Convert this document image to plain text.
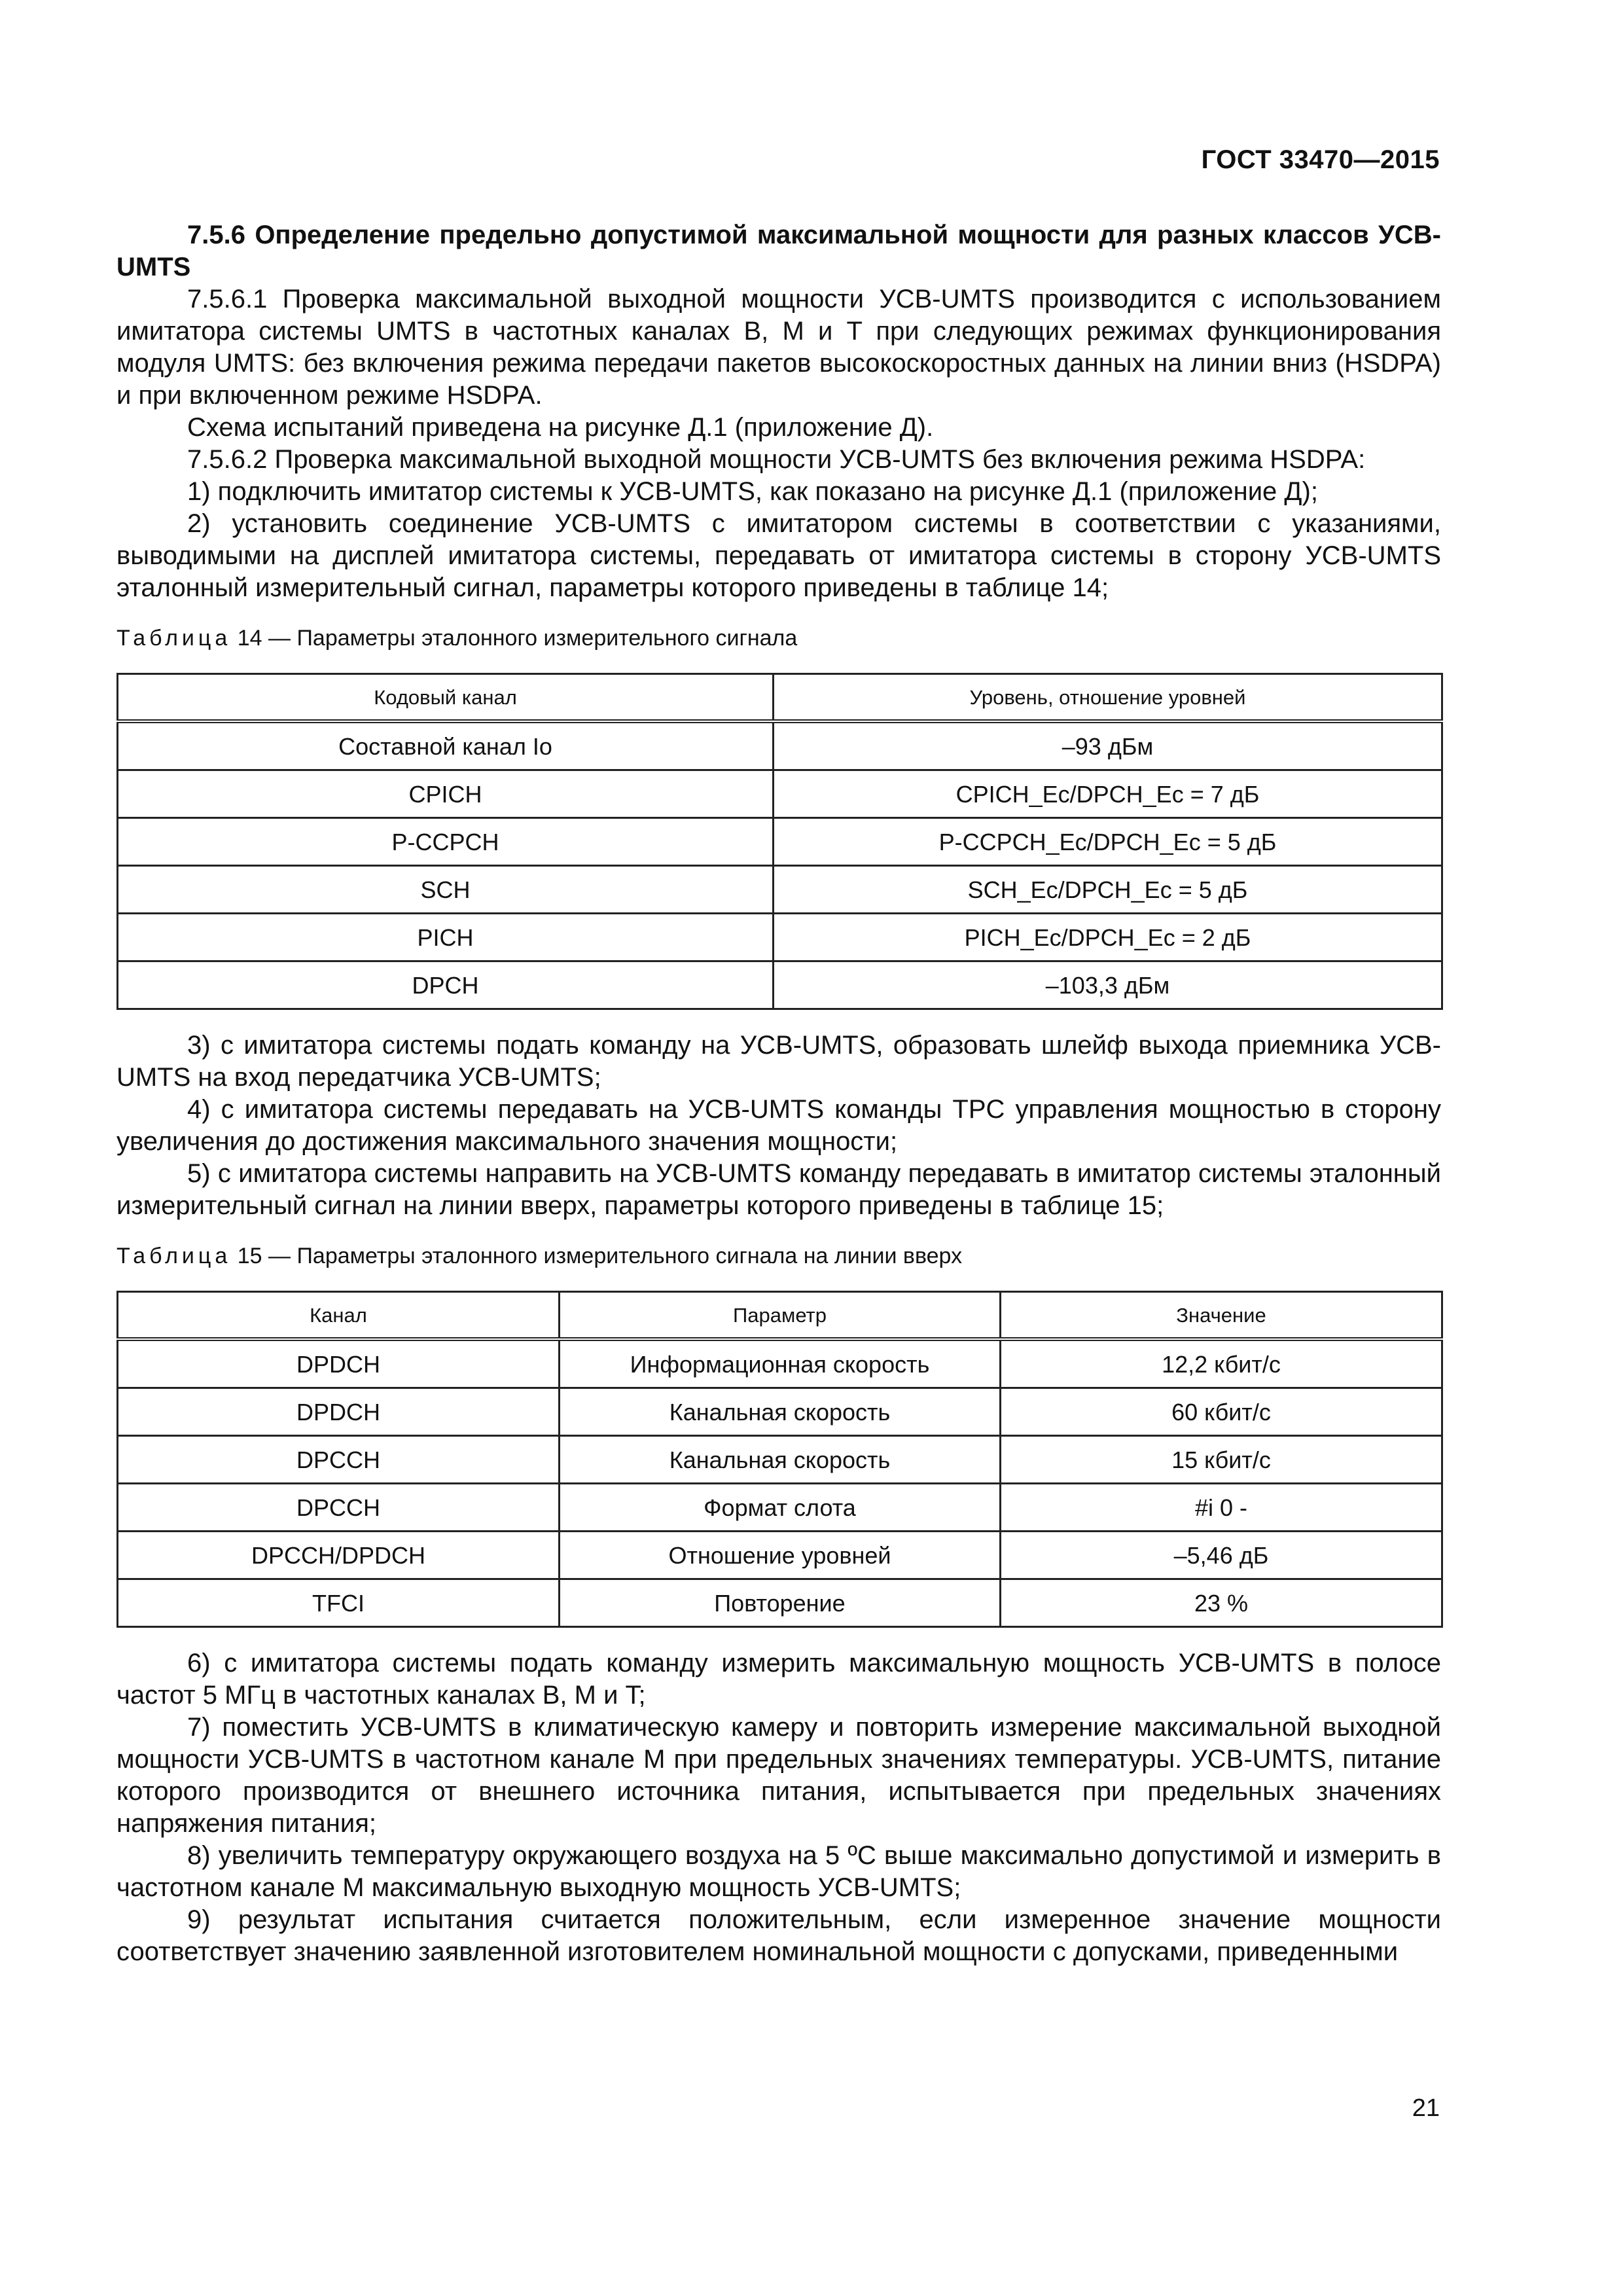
ГОСТ 33470—2015

7.5.6 Определение предельно допустимой максимальной мощности для разных классов УСВ-UMTS

7.5.6.1 Проверка максимальной выходной мощности УСВ-UMTS производится с использованием имитатора системы UMTS в частотных каналах B, M и T при следующих режимах функционирования модуля UMTS: без включения режима передачи пакетов высокоскоростных данных на линии вниз (HSDPA) и при включенном режиме HSDPA.

Схема испытаний приведена на рисунке Д.1 (приложение Д).

7.5.6.2 Проверка максимальной выходной мощности УСВ-UMTS без включения режима HSDPA:

1) подключить имитатор системы к УСВ-UMTS, как показано на рисунке Д.1 (приложение Д);

2) установить соединение УСВ-UMTS с имитатором системы в соответствии с указаниями, выводимыми на дисплей имитатора системы, передавать от имитатора системы в сторону УСВ-UMTS эталонный измерительный сигнал, параметры которого приведены в таблице 14;

Таблица 14 — Параметры эталонного измерительного сигнала
Кодовый канал	Уровень, отношение уровней
Составной канал Io	–93 дБм
CPICH	CPICH_Ec/DPCH_Ec = 7 дБ
P-CCPCH	P-CCPCH_Ec/DPCH_Ec = 5 дБ
SCH	SCH_Ec/DPCH_Ec = 5 дБ
PICH	PICH_Ec/DPCH_Ec = 2 дБ
DPCH	–103,3 дБм

3) с имитатора системы подать команду на УСВ-UMTS, образовать шлейф выхода приемника УСВ-UMTS на вход передатчика УСВ-UMTS;

4) с имитатора системы передавать на УСВ-UMTS команды TPC управления мощностью в сторону увеличения до достижения максимального значения мощности;

5) с имитатора системы направить на УСВ-UMTS команду передавать в имитатор системы эталонный измерительный сигнал на линии вверх, параметры которого приведены в таблице 15;

Таблица 15 — Параметры эталонного измерительного сигнала на линии вверх
Канал	Параметр	Значение
DPDCH	Информационная скорость	12,2 кбит/с
DPDCH	Канальная скорость	60 кбит/с
DPCCH	Канальная скорость	15 кбит/с
DPCCH	Формат слота	#i 0 -
DPCCH/DPDCH	Отношение уровней	–5,46 дБ
TFCI	Повторение	23 %

6) с имитатора системы подать команду измерить максимальную мощность УСВ-UMTS в полосе частот 5 МГц в частотных каналах B, M и T;

7) поместить УСВ-UMTS в климатическую камеру и повторить измерение максимальной выходной мощности УСВ-UMTS в частотном канале M при предельных значениях температуры. УСВ-UMTS, питание которого производится от внешнего источника питания, испытывается при предельных значениях напряжения питания;

8) увеличить температуру окружающего воздуха на 5 ºС выше максимально допустимой и измерить в частотном канале M максимальную выходную мощность УСВ-UMTS;

9) результат испытания считается положительным, если измеренное значение мощности соответствует значению заявленной изготовителем номинальной мощности с допусками, приведенными

21
